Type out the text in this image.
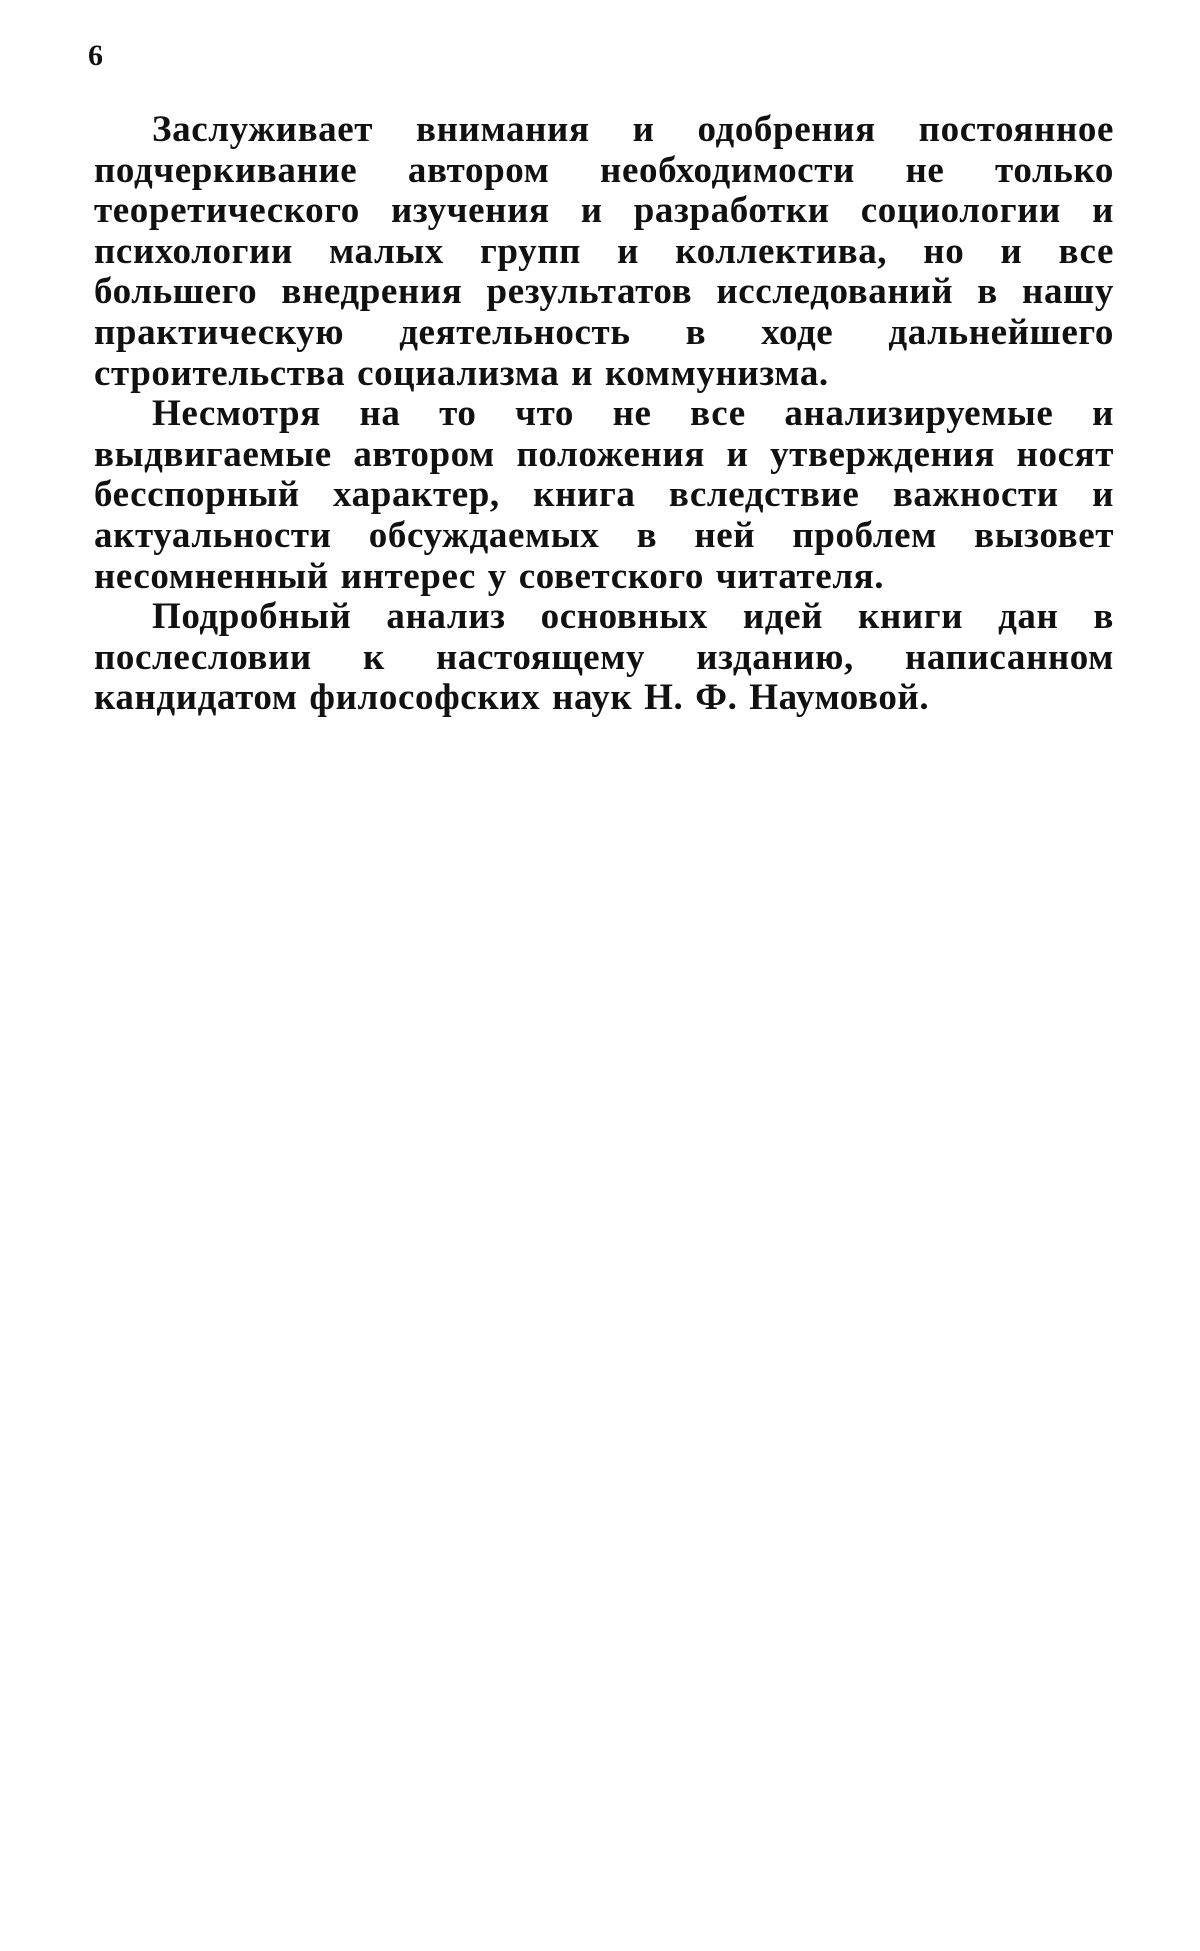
6

Заслуживает внимания и одобрения постоянное подчеркивание автором необходимости не только теоретического изучения и разработки социологии и психологии малых групп и коллектива, но и все большего внедрения результатов исследований в нашу практическую деятельность в ходе дальнейшего строительства социализма и коммунизма.

Несмотря на то что не все анализируемые и выдвигаемые автором положения и утверждения носят бесспорный характер, книга вследствие важности и актуальности обсуждаемых в ней проблем вызовет несомненный интерес у советского читателя.

Подробный анализ основных идей книги дан в послесловии к настоящему изданию, написанном кандидатом философских наук Н. Ф. Наумовой.
